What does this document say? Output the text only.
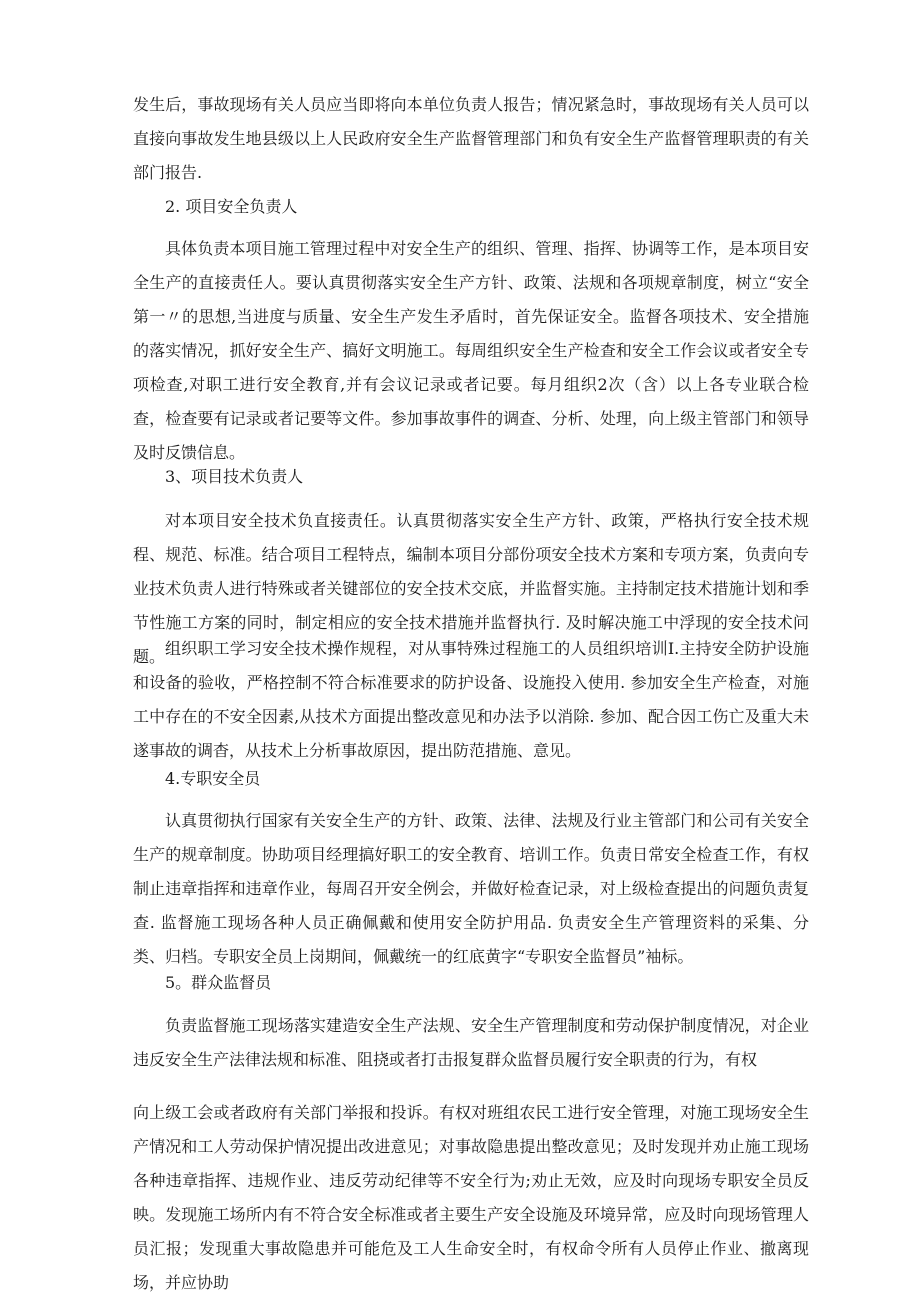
发生后，事故现场有关人员应当即将向本单位负责人报告；情况紧急时，事故现场有关人员可以直接向事故发生地县级以上人民政府安全生产监督管理部门和负有安全生产监督管理职责的有关部门报告.

2. 项目安全负责人

具体负责本项目施工管理过程中对安全生产的组织、管理、指挥、协调等工作，是本项目安全生产的直接责任人。要认真贯彻落实安全生产方针、政策、法规和各项规章制度，树立“安全第一〃的思想,当进度与质量、安全生产发生矛盾时，首先保证安全。监督各项技术、安全措施的落实情况，抓好安全生产、搞好文明施工。每周组织安全生产检查和安全工作会议或者安全专项检查,对职工进行安全教育,并有会议记录或者记要。每月组织2次（含）以上各专业联合检查，检查要有记录或者记要等文件。参加事故事件的调查、分析、处理，向上级主管部门和领导及时反馈信息。

3、项目技术负责人

对本项目安全技术负直接责任。认真贯彻落实安全生产方针、政策，严格执行安全技术规程、规范、标准。结合项目工程特点，编制本项目分部份项安全技术方案和专项方案，负责向专业技术负责人进行特殊或者关键部位的安全技术交底，并监督实施。主持制定技术措施计划和季节性施工方案的同时，制定相应的安全技术措施并监督执行. 及时解决施工中浮现的安全技术问题。 组织职工学习安全技术操作规程，对从事特殊过程施工的人员组织培训I.主持安全防护设施和设备的验收，严格控制不符合标准要求的防护设备、设施投入使用. 参加安全生产检查，对施工中存在的不安全因素,从技术方面提出整改意见和办法予以消除. 参加、配合因工伤亡及重大未遂事故的调杳，从技术上分析事故原因，提出防范措施、意见。

4.专职安全员

认真贯彻执行国家有关安全生产的方针、政策、法律、法规及行业主管部门和公司有关安全生产的规章制度。协助项目经理搞好职工的安全教育、培训工作。负责日常安全检查工作，有权制止违章指挥和违章作业，每周召开安全例会，并做好检查记录，对上级检查提出的问题负责复查. 监督施工现场各种人员正确佩戴和使用安全防护用品. 负责安全生产管理资料的采集、分类、归档。专职安全员上岗期间，佩戴统一的红底黄字“专职安全监督员”袖标。

5。群众监督员

负责监督施工现场落实建造安全生产法规、安全生产管理制度和劳动保护制度情况，对企业违反安全生产法律法规和标准、阻挠或者打击报复群众监督员履行安全职责的行为，有权

向上级工会或者政府有关部门举报和投诉。有权对班组农民工进行安全管理，对施工现场安全生产情况和工人劳动保护情况提出改进意见；对事故隐患提出整改意见；及时发现并劝止施工现场各种违章指挥、违规作业、违反劳动纪律等不安全行为;劝止无效，应及时向现场专职安全员反映。发现施工场所内有不符合安全标准或者主要生产安全设施及环境异常，应及时向现场管理人员汇报；发现重大事故隐患并可能危及工人生命安全时，有权命令所有人员停止作业、撤离现场，并应协助
